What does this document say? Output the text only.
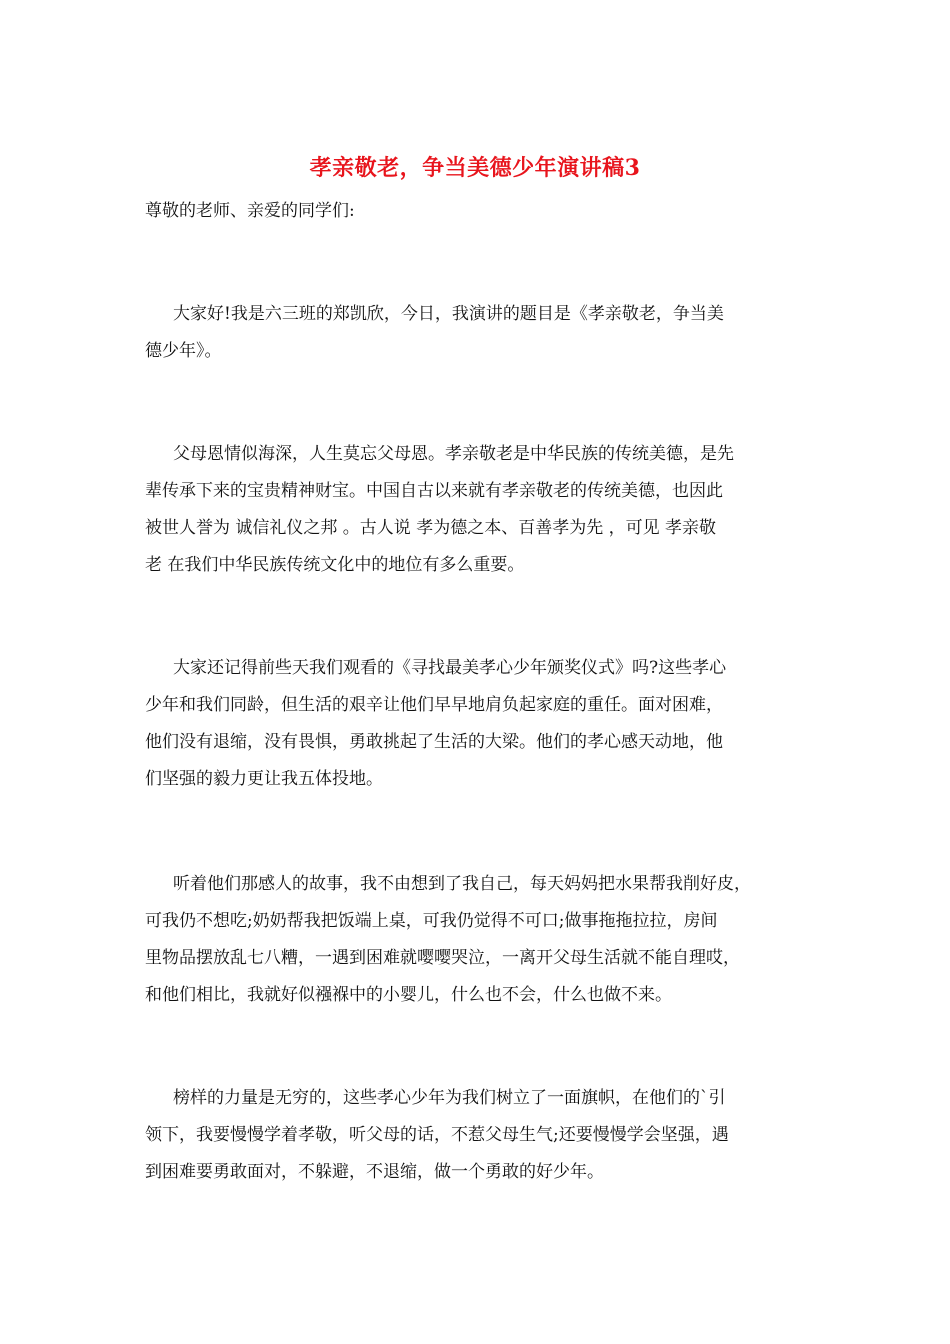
孝亲敬老，争当美德少年演讲稿3
尊敬的老师、亲爱的同学们:
大家好!我是六三班的郑凯欣，今日，我演讲的题目是《孝亲敬老，争当美
德少年》。
父母恩情似海深，人生莫忘父母恩。孝亲敬老是中华民族的传统美德，是先
辈传承下来的宝贵精神财宝。中国自古以来就有孝亲敬老的传统美德，也因此
被世人誉为 诚信礼仪之邦 。古人说 孝为德之本、百善孝为先 ，可见 孝亲敬
老 在我们中华民族传统文化中的地位有多么重要。
大家还记得前些天我们观看的《寻找最美孝心少年颁奖仪式》吗?这些孝心
少年和我们同龄，但生活的艰辛让他们早早地肩负起家庭的重任。面对困难，
他们没有退缩，没有畏惧，勇敢挑起了生活的大梁。他们的孝心感天动地，他
们坚强的毅力更让我五体投地。
听着他们那感人的故事，我不由想到了我自己，每天妈妈把水果帮我削好皮，
可我仍不想吃;奶奶帮我把饭端上桌，可我仍觉得不可口;做事拖拖拉拉，房间
里物品摆放乱七八糟，一遇到困难就嘤嘤哭泣，一离开父母生活就不能自理哎，
和他们相比，我就好似襁褓中的小婴儿，什么也不会，什么也做不来。
榜样的力量是无穷的，这些孝心少年为我们树立了一面旗帜，在他们的`引
领下，我要慢慢学着孝敬，听父母的话，不惹父母生气;还要慢慢学会坚强，遇
到困难要勇敢面对，不躲避，不退缩，做一个勇敢的好少年。
